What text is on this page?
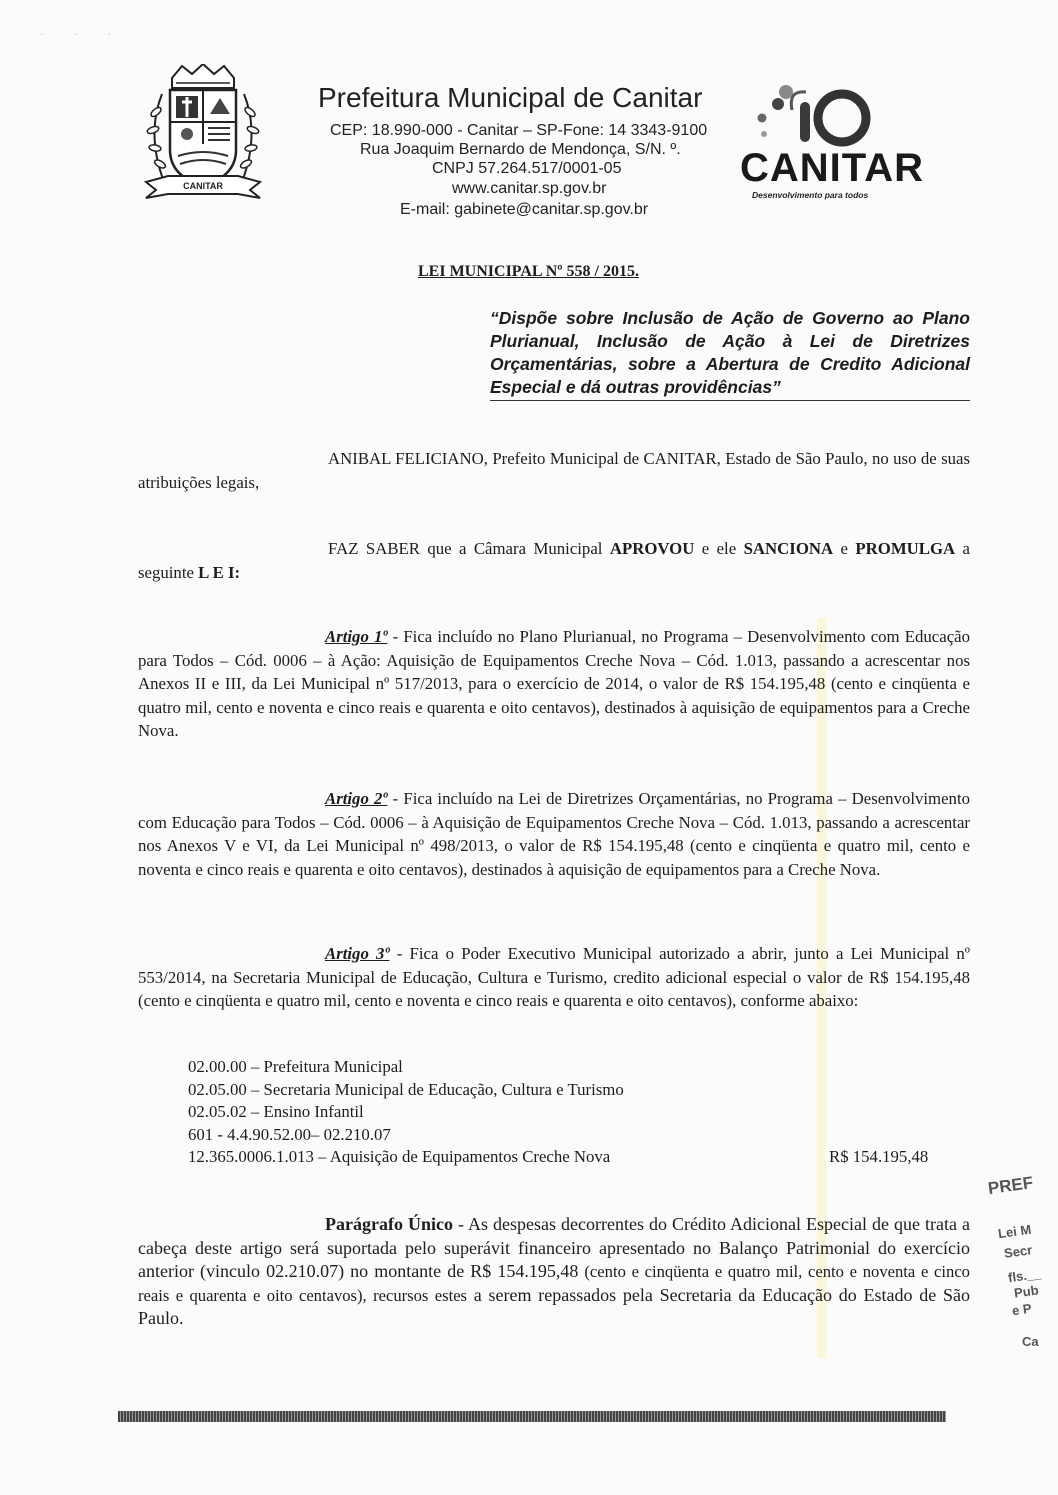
· · ·
CANITAR
Prefeitura Municipal de Canitar
CEP: 18.990-000 - Canitar – SP-Fone: 14 3343-9100
Rua Joaquim Bernardo de Mendonça, S/N. º.
CNPJ 57.264.517/0001-05
www.canitar.sp.gov.br
E-mail: gabinete@canitar.sp.gov.br
CANITAR
Desenvolvimento para todos
LEI MUNICIPAL Nº 558 / 2015.
“Dispõe sobre Inclusão de Ação de Governo ao Plano Plurianual, Inclusão de Ação à Lei de Diretrizes Orçamentárias, sobre a Abertura de Credito Adicional Especial e dá outras providências”
ANIBAL FELICIANO, Prefeito Municipal de CANITAR, Estado de São Paulo, no uso de suas atribuições legais,
FAZ SABER que a Câmara Municipal APROVOU e ele SANCIONA e PROMULGA a seguinte L E I:
Artigo 1º - Fica incluído no Plano Plurianual, no Programa – Desenvolvimento com Educação para Todos – Cód. 0006 – à Ação: Aquisição de Equipamentos Creche Nova – Cód. 1.013, passando a acrescentar nos Anexos II e III, da Lei Municipal nº 517/2013, para o exercício de 2014, o valor de R$ 154.195,48 (cento e cinqüenta e quatro mil, cento e noventa e cinco reais e quarenta e oito centavos), destinados à aquisição de equipamentos para a Creche Nova.
Artigo 2º - Fica incluído na Lei de Diretrizes Orçamentárias, no Programa – Desenvolvimento com Educação para Todos – Cód. 0006 – à Aquisição de Equipamentos Creche Nova – Cód. 1.013, passando a acrescentar nos Anexos V e VI, da Lei Municipal nº 498/2013, o valor de R$ 154.195,48 (cento e cinqüenta e quatro mil, cento e noventa e cinco reais e quarenta e oito centavos), destinados à aquisição de equipamentos para a Creche Nova.
Artigo 3º - Fica o Poder Executivo Municipal autorizado a abrir, junto a Lei Municipal nº 553/2014, na Secretaria Municipal de Educação, Cultura e Turismo, credito adicional especial o valor de R$ 154.195,48 (cento e cinqüenta e quatro mil, cento e noventa e cinco reais e quarenta e oito centavos), conforme abaixo:
02.00.00 – Prefeitura Municipal
02.05.00 – Secretaria Municipal de Educação, Cultura e Turismo
02.05.02 – Ensino Infantil
601 - 4.4.90.52.00– 02.210.07
12.365.0006.1.013 – Aquisição de Equipamentos Creche Nova	R$ 154.195,48
Parágrafo Único - As despesas decorrentes do Crédito Adicional Especial de que trata a cabeça deste artigo será suportada pelo superávit financeiro apresentado no Balanço Patrimonial do exercício anterior (vinculo 02.210.07) no montante de R$ 154.195,48 (cento e cinqüenta e quatro mil, cento e noventa e cinco reais e quarenta e oito centavos), recursos estes a serem repassados pela Secretaria da Educação do Estado de São Paulo.
PREF
Lei M
Secr
fls.__
Pub
e P
Ca
